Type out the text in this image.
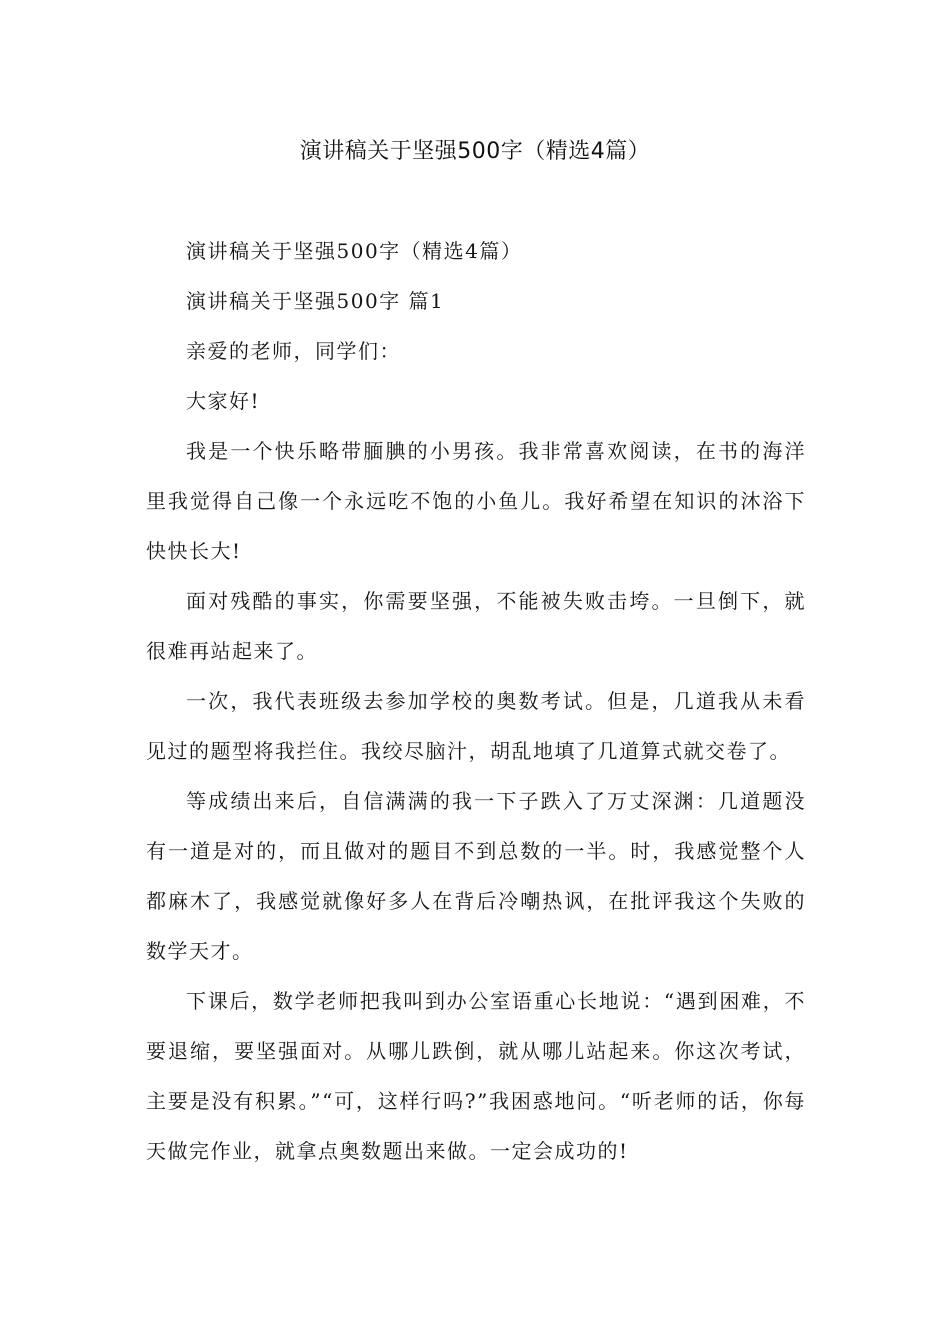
演讲稿关于坚强500字（精选4篇）

演讲稿关于坚强500字（精选4篇）

演讲稿关于坚强500字 篇1

亲爱的老师，同学们：

大家好!

我是一个快乐略带腼腆的小男孩。我非常喜欢阅读，在书的海洋里我觉得自己像一个永远吃不饱的小鱼儿。我好希望在知识的沐浴下快快长大!

面对残酷的事实，你需要坚强，不能被失败击垮。一旦倒下，就很难再站起来了。

一次，我代表班级去参加学校的奥数考试。但是，几道我从未看见过的题型将我拦住。我绞尽脑汁，胡乱地填了几道算式就交卷了。

等成绩出来后，自信满满的我一下子跌入了万丈深渊：几道题没有一道是对的，而且做对的题目不到总数的一半。时，我感觉整个人都麻木了，我感觉就像好多人在背后冷嘲热讽，在批评我这个失败的数学天才。

下课后，数学老师把我叫到办公室语重心长地说：“遇到困难，不要退缩，要坚强面对。从哪儿跌倒，就从哪儿站起来。你这次考试，主要是没有积累。”“可，这样行吗?”我困惑地问。“听老师的话，你每天做完作业，就拿点奥数题出来做。一定会成功的!
